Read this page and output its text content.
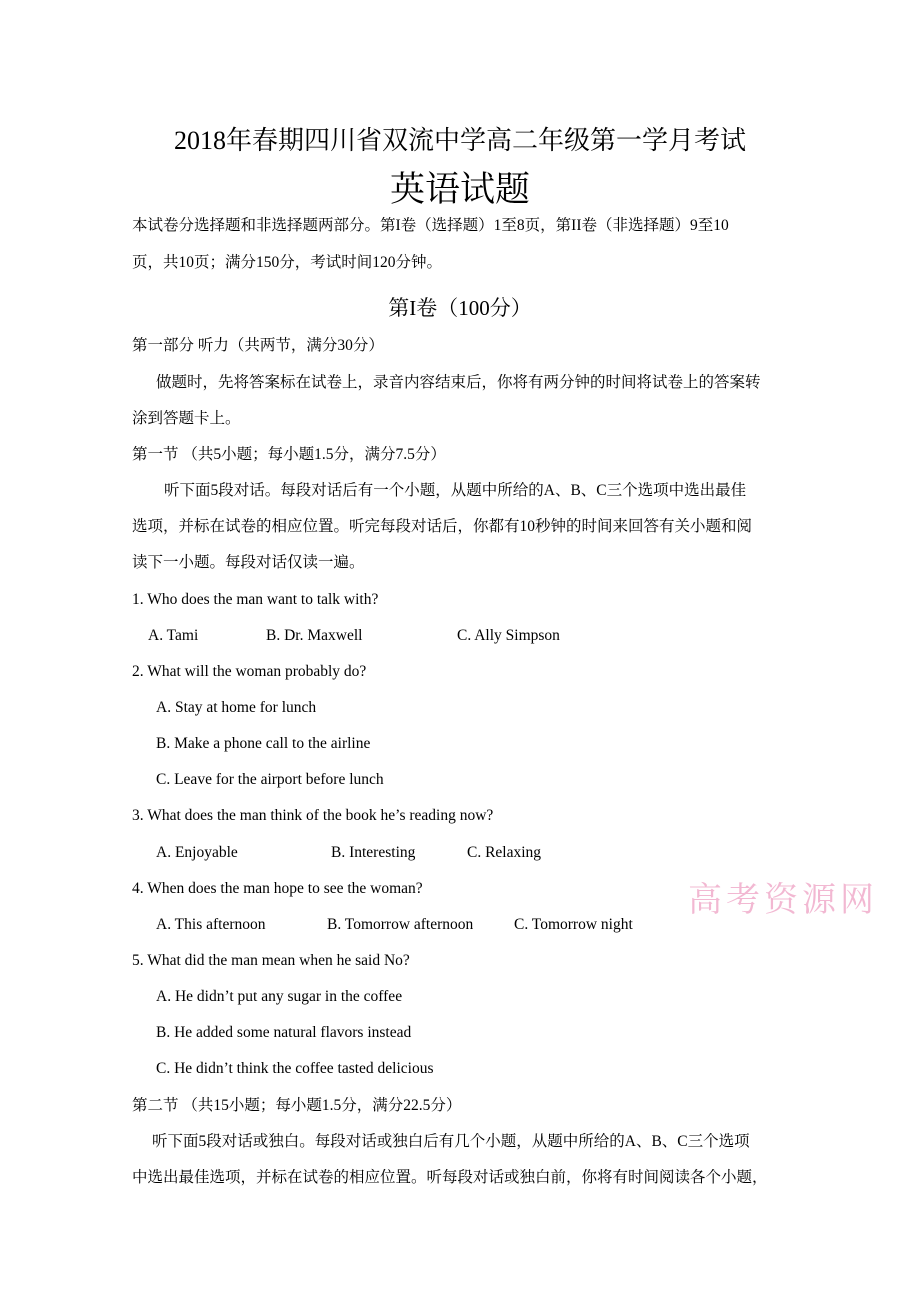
2018年春期四川省双流中学高二年级第一学月考试
英语试题
本试卷分选择题和非选择题两部分。第I卷（选择题）1至8页，第II卷（非选择题）9至10
页，共10页；满分150分，考试时间120分钟。
第I卷（100分）
第一部分 听力（共两节，满分30分）
做题时，先将答案标在试卷上，录音内容结束后，你将有两分钟的时间将试卷上的答案转
涂到答题卡上。
第一节 （共5小题；每小题1.5分，满分7.5分）
听下面5段对话。每段对话后有一个小题，从题中所给的A、B、C三个选项中选出最佳
选项，并标在试卷的相应位置。听完每段对话后，你都有10秒钟的时间来回答有关小题和阅
读下一小题。每段对话仅读一遍。
1. Who does the man want to talk with?
A. Tami	B. Dr. Maxwell	C. Ally Simpson
2. What will the woman probably do?
A. Stay at home for lunch
B. Make a phone call to the airline
C. Leave for the airport before lunch
3. What does the man think of the book he’s reading now?
A. Enjoyable	B. Interesting	C. Relaxing
4. When does the man hope to see the woman?
A. This afternoon	B. Tomorrow afternoon	C. Tomorrow night
5. What did the man mean when he said No?
A. He didn’t put any sugar in the coffee
B. He added some natural flavors instead
C. He didn’t think the coffee tasted delicious
第二节 （共15小题；每小题1.5分，满分22.5分）
听下面5段对话或独白。每段对话或独白后有几个小题，从题中所给的A、B、C三个选项
中选出最佳选项，并标在试卷的相应位置。听每段对话或独白前，你将有时间阅读各个小题，
高考资源网
